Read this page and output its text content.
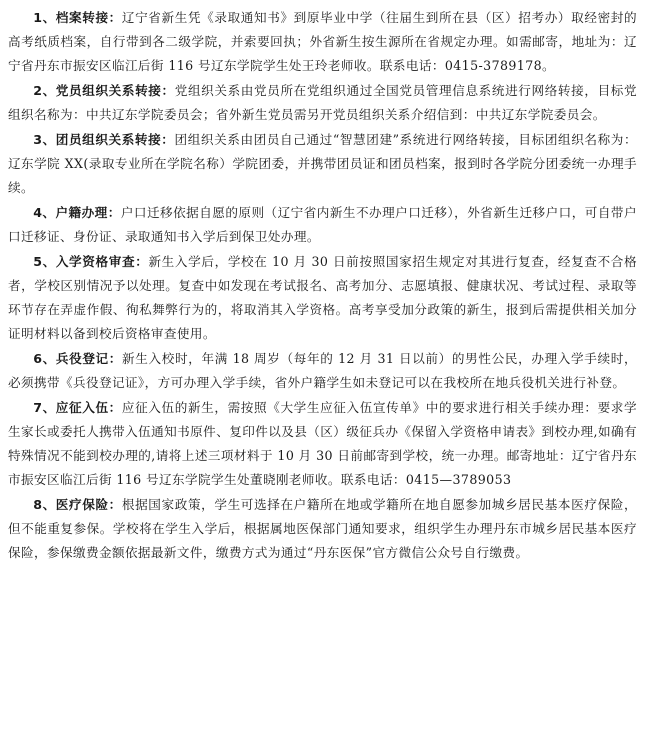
1、档案转接：辽宁省新生凭《录取通知书》到原毕业中学（往届生到所在县（区）招考办）取经密封的高考纸质档案，自行带到各二级学院，并索要回执；外省新生按生源所在省规定办理。如需邮寄，地址为：辽宁省丹东市振安区临江后街 116 号辽东学院学生处王玲老师收。联系电话：0415-3789178。

2、党员组织关系转接：党组织关系由党员所在党组织通过全国党员管理信息系统进行网络转接，目标党组织名称为：中共辽东学院委员会；省外新生党员需另开党员组织关系介绍信到：中共辽东学院委员会。

3、团员组织关系转接：团组织关系由团员自己通过“智慧团建”系统进行网络转接，目标团组织名称为：辽东学院 XX(录取专业所在学院名称）学院团委，并携带团员证和团员档案，报到时各学院分团委统一办理手续。

4、户籍办理：户口迁移依据自愿的原则（辽宁省内新生不办理户口迁移），外省新生迁移户口，可自带户口迁移证、身份证、录取通知书入学后到保卫处办理。

5、入学资格审查：新生入学后，学校在 10 月 30 日前按照国家招生规定对其进行复查，经复查不合格者，学校区别情况予以处理。复查中如发现在考试报名、高考加分、志愿填报、健康状况、考试过程、录取等环节存在弄虚作假、徇私舞弊行为的，将取消其入学资格。高考享受加分政策的新生，报到后需提供相关加分证明材料以备到校后资格审查使用。

6、兵役登记：新生入校时，年满 18 周岁（每年的 12 月 31 日以前）的男性公民，办理入学手续时，必须携带《兵役登记证》，方可办理入学手续，省外户籍学生如未登记可以在我校所在地兵役机关进行补登。

7、应征入伍：应征入伍的新生，需按照《大学生应征入伍宣传单》中的要求进行相关手续办理：要求学生家长或委托人携带入伍通知书原件、复印件以及县（区）级征兵办《保留入学资格申请表》到校办理,如确有特殊情况不能到校办理的,请将上述三项材料于 10 月 30 日前邮寄到学校，统一办理。邮寄地址：辽宁省丹东市振安区临江后街 116 号辽东学院学生处董晓刚老师收。联系电话：0415—3789053

8、医疗保险：根据国家政策，学生可选择在户籍所在地或学籍所在地自愿参加城乡居民基本医疗保险，但不能重复参保。学校将在学生入学后，根据属地医保部门通知要求，组织学生办理丹东市城乡居民基本医疗保险，参保缴费金额依据最新文件，缴费方式为通过“丹东医保”官方微信公众号自行缴费。
